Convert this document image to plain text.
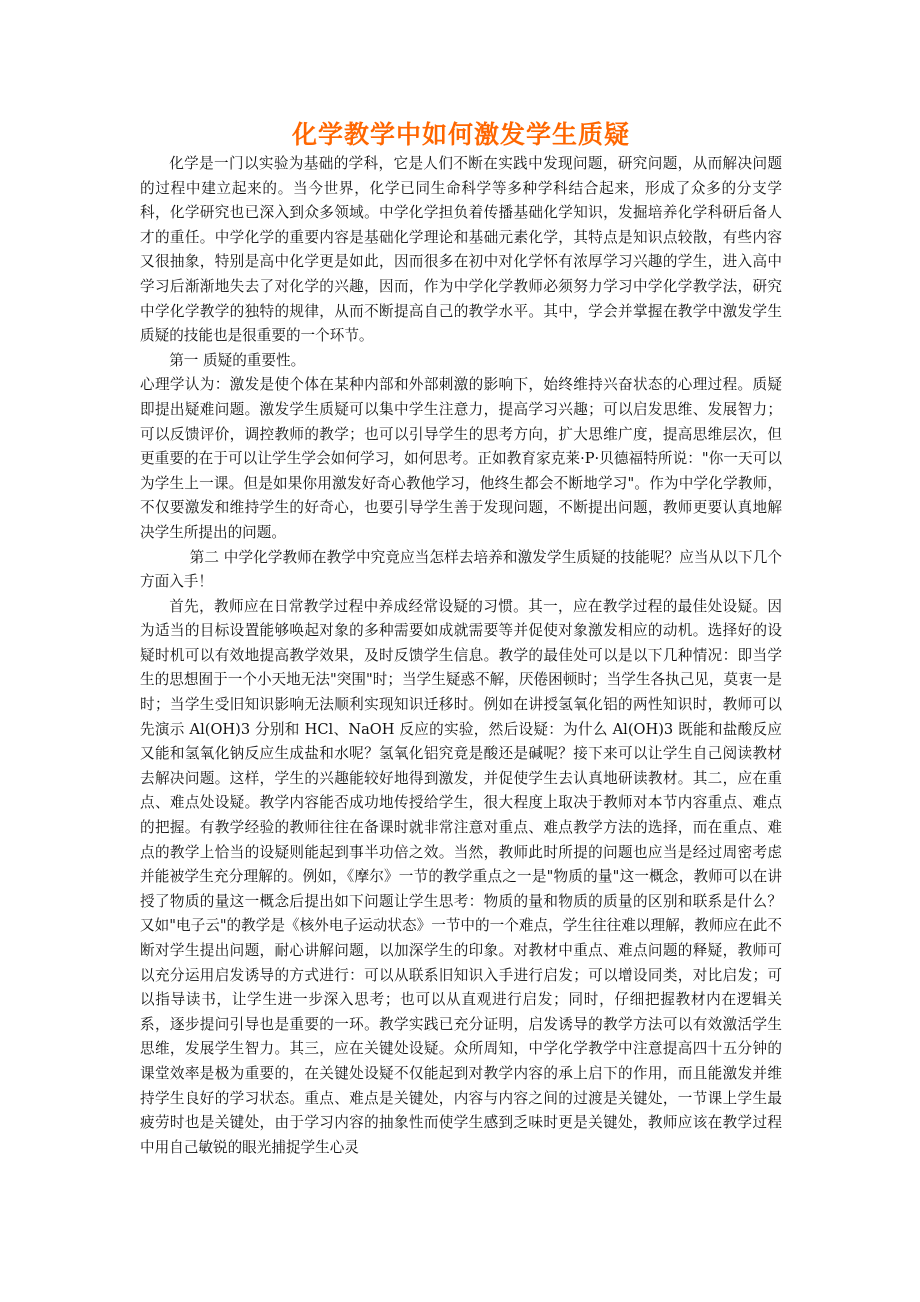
化学教学中如何激发学生质疑

化学是一门以实验为基础的学科，它是人们不断在实践中发现问题，研究问题，从而解决问题的过程中建立起来的。当今世界，化学已同生命科学等多种学科结合起来，形成了众多的分支学科，化学研究也已深入到众多领域。中学化学担负着传播基础化学知识，发掘培养化学科研后备人才的重任。中学化学的重要内容是基础化学理论和基础元素化学，其特点是知识点较散，有些内容又很抽象，特别是高中化学更是如此，因而很多在初中对化学怀有浓厚学习兴趣的学生，进入高中学习后渐渐地失去了对化学的兴趣，因而，作为中学化学教师必须努力学习中学化学教学法，研究中学化学教学的独特的规律，从而不断提高自己的教学水平。其中，学会并掌握在教学中激发学生质疑的技能也是很重要的一个环节。

第一 质疑的重要性。

心理学认为：激发是使个体在某种内部和外部刺激的影响下，始终维持兴奋状态的心理过程。质疑即提出疑难问题。激发学生质疑可以集中学生注意力，提高学习兴趣；可以启发思维、发展智力；可以反馈评价，调控教师的教学；也可以引导学生的思考方向，扩大思维广度，提高思维层次，但更重要的在于可以让学生学会如何学习，如何思考。正如教育家克莱·P·贝德福特所说："你一天可以为学生上一课。但是如果你用激发好奇心教他学习，他终生都会不断地学习"。作为中学化学教师，不仅要激发和维持学生的好奇心，也要引导学生善于发现问题，不断提出问题，教师更要认真地解决学生所提出的问题。

第二 中学化学教师在教学中究竟应当怎样去培养和激发学生质疑的技能呢？应当从以下几个方面入手！

首先，教师应在日常教学过程中养成经常设疑的习惯。其一，应在教学过程的最佳处设疑。因为适当的目标设置能够唤起对象的多种需要如成就需要等并促使对象激发相应的动机。选择好的设疑时机可以有效地提高教学效果，及时反馈学生信息。教学的最佳处可以是以下几种情况：即当学生的思想囿于一个小天地无法"突围"时；当学生疑惑不解，厌倦困顿时；当学生各执己见，莫衷一是时；当学生受旧知识影响无法顺利实现知识迁移时。例如在讲授氢氧化铝的两性知识时，教师可以先演示 Al(OH)3 分别和 HCl、NaOH 反应的实验，然后设疑：为什么 Al(OH)3 既能和盐酸反应又能和氢氧化钠反应生成盐和水呢？氢氧化铝究竟是酸还是碱呢？接下来可以让学生自己阅读教材去解决问题。这样，学生的兴趣能较好地得到激发，并促使学生去认真地研读教材。其二，应在重点、难点处设疑。教学内容能否成功地传授给学生，很大程度上取决于教师对本节内容重点、难点的把握。有教学经验的教师往往在备课时就非常注意对重点、难点教学方法的选择，而在重点、难点的教学上恰当的设疑则能起到事半功倍之效。当然，教师此时所提的问题也应当是经过周密考虑并能被学生充分理解的。例如，《摩尔》一节的教学重点之一是"物质的量"这一概念，教师可以在讲授了物质的量这一概念后提出如下问题让学生思考：物质的量和物质的质量的区别和联系是什么？又如"电子云"的教学是《核外电子运动状态》一节中的一个难点，学生往往难以理解，教师应在此不断对学生提出问题，耐心讲解问题，以加深学生的印象。对教材中重点、难点问题的释疑，教师可以充分运用启发诱导的方式进行：可以从联系旧知识入手进行启发；可以增设同类，对比启发；可以指导读书，让学生进一步深入思考；也可以从直观进行启发；同时，仔细把握教材内在逻辑关系，逐步提问引导也是重要的一环。教学实践已充分证明，启发诱导的教学方法可以有效激活学生思维，发展学生智力。其三，应在关键处设疑。众所周知，中学化学教学中注意提高四十五分钟的课堂效率是极为重要的，在关键处设疑不仅能起到对教学内容的承上启下的作用，而且能激发并维持学生良好的学习状态。重点、难点是关键处，内容与内容之间的过渡是关键处，一节课上学生最疲劳时也是关键处，由于学习内容的抽象性而使学生感到乏味时更是关键处，教师应该在教学过程中用自己敏锐的眼光捕捉学生心灵
